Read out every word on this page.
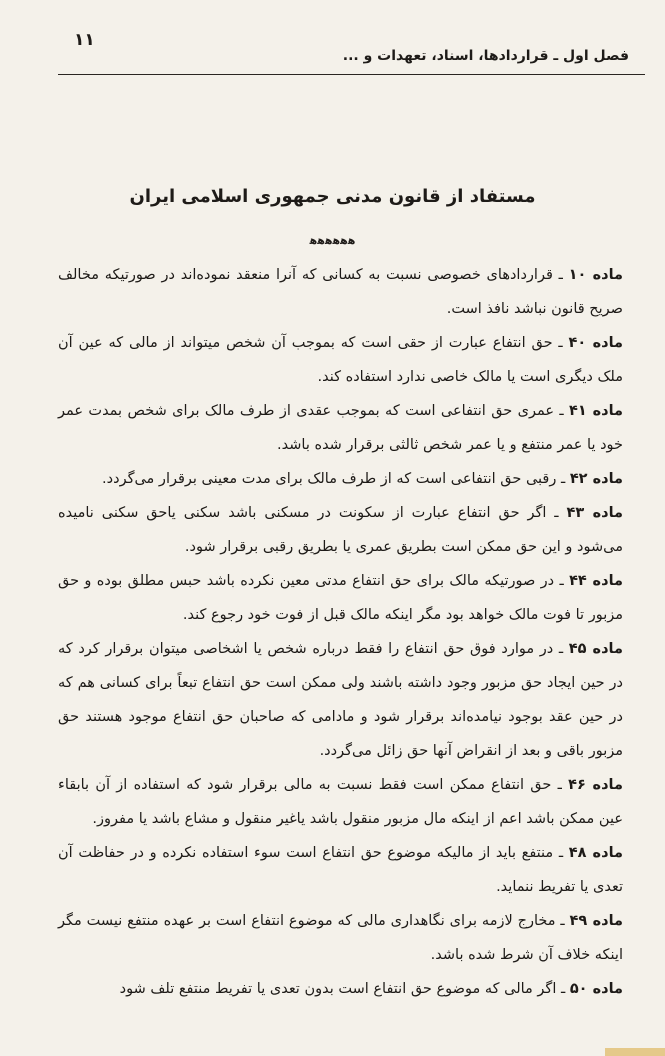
۱۱
فصل اول ـ قراردادها، اسناد، تعهدات و ...
مستفاد از قانون مدنی جمهوری اسلامی ایران
ﻫﻫﻫﻫﻫﻫ

ماده ۱۰ ـ قراردادهای خصوصی نسبت به کسانی که آنرا منعقد نموده‌اند در صورتیکه مخالف صریح قانون نباشد نافذ است.

ماده ۴۰ ـ حق انتفاع عبارت از حقی است که بموجب آن شخص میتواند از مالی که عین آن ملک دیگری است یا مالک خاصی ندارد استفاده کند.

ماده ۴۱ ـ عمری حق انتفاعی است که بموجب عقدی از طرف مالک برای شخص بمدت عمر خود یا عمر منتفع و یا عمر شخص ثالثی برقرار شده باشد.

ماده ۴۲ ـ رقبی حق انتفاعی است که از طرف مالک برای مدت معینی برقرار می‌گردد.

ماده ۴۳ ـ اگر حق انتفاع عبارت از سکونت در مسکنی باشد سکنی یاحق سکنی نامیده می‌شود و این حق ممکن است بطریق عمری یا بطریق رقبی برقرار شود.

ماده ۴۴ ـ در صورتیکه مالک برای حق انتفاع مدتی معین نکرده باشد حبس مطلق بوده و حق مزبور تا فوت مالک خواهد بود مگر اینکه مالک قبل از فوت خود رجوع کند.

ماده ۴۵ ـ در موارد فوق حق انتفاع را فقط درباره شخص یا اشخاصی میتوان برقرار کرد که در حین ایجاد حق مزبور وجود داشته باشند ولی ممکن است حق انتفاع تبعاً برای کسانی هم که در حین عقد بوجود نیامده‌اند برقرار شود و مادامی که صاحبان حق انتفاع موجود هستند حق مزبور باقی و بعد از انقراض آنها حق زائل می‌گردد.

ماده ۴۶ ـ حق انتفاع ممکن است فقط نسبت به مالی برقرار شود که استفاده از آن بابقاء عین ممکن باشد اعم از اینکه مال مزبور منقول باشد یاغیر منقول و مشاع باشد یا مفروز.

ماده ۴۸ ـ منتفع باید از مالیکه موضوع حق انتفاع است سوء استفاده نکرده و در حفاظت آن تعدی یا تفریط ننماید.

ماده ۴۹ ـ مخارج لازمه برای نگاهداری مالی که موضوع انتفاع است بر عهده منتفع نیست مگر اینکه خلاف آن شرط شده باشد.

ماده ۵۰ ـ اگر مالی که موضوع حق انتفاع است بدون تعدی یا تفریط منتفع تلف شود
